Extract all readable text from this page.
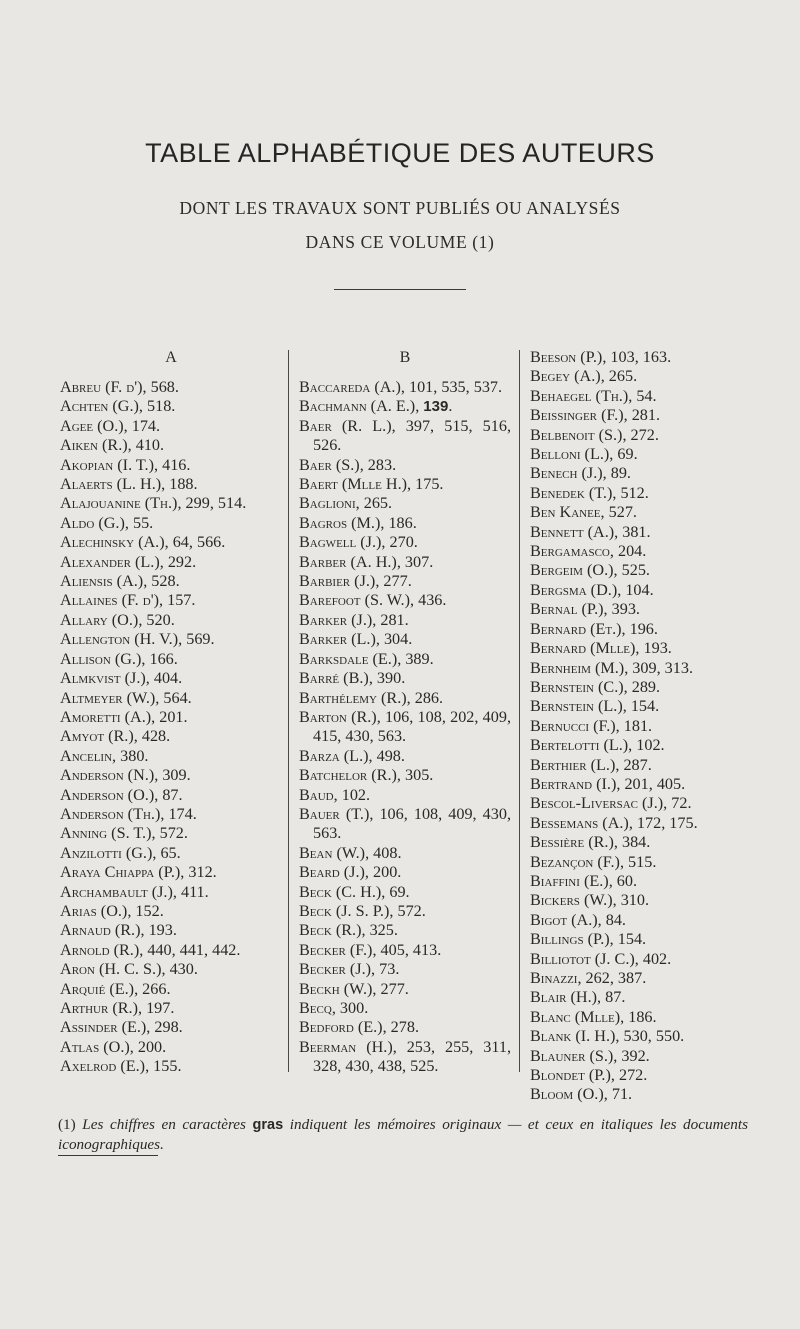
TABLE ALPHABÉTIQUE DES AUTEURS
DONT LES TRAVAUX SONT PUBLIÉS OU ANALYSÉS
DANS CE VOLUME (1)
A
Abreu (F. d'), 568.
Achten (G.), 518.
Agee (O.), 174.
Aiken (R.), 410.
Akopian (I. T.), 416.
Alaerts (L. H.), 188.
Alajouanine (Th.), 299, 514.
Aldo (G.), 55.
Alechinsky (A.), 64, 566.
Alexander (L.), 292.
Aliensis (A.), 528.
Allaines (F. d'), 157.
Allary (O.), 520.
Allengton (H. V.), 569.
Allison (G.), 166.
Almkvist (J.), 404.
Altmeyer (W.), 564.
Amoretti (A.), 201.
Amyot (R.), 428.
Ancelin, 380.
Anderson (N.), 309.
Anderson (O.), 87.
Anderson (Th.), 174.
Anning (S. T.), 572.
Anzilotti (G.), 65.
Araya Chiappa (P.), 312.
Archambault (J.), 411.
Arias (O.), 152.
Arnaud (R.), 193.
Arnold (R.), 440, 441, 442.
Aron (H. C. S.), 430.
Arquié (E.), 266.
Arthur (R.), 197.
Assinder (E.), 298.
Atlas (O.), 200.
Axelrod (E.), 155.
B
Baccareda (A.), 101, 535, 537.
Bachmann (A. E.), 139.
Baer (R. L.), 397, 515, 516, 526.
Baer (S.), 283.
Baert (Mlle H.), 175.
Baglioni, 265.
Bagros (M.), 186.
Bagwell (J.), 270.
Barber (A. H.), 307.
Barbier (J.), 277.
Barefoot (S. W.), 436.
Barker (J.), 281.
Barker (L.), 304.
Barksdale (E.), 389.
Barré (B.), 390.
Barthélemy (R.), 286.
Barton (R.), 106, 108, 202, 409, 415, 430, 563.
Barza (L.), 498.
Batchelor (R.), 305.
Baud, 102.
Bauer (T.), 106, 108, 409, 430, 563.
Bean (W.), 408.
Beard (J.), 200.
Beck (C. H.), 69.
Beck (J. S. P.), 572.
Beck (R.), 325.
Becker (F.), 405, 413.
Becker (J.), 73.
Beckh (W.), 277.
Becq, 300.
Bedford (E.), 278.
Beerman (H.), 253, 255, 311, 328, 430, 438, 525.
Beeson (P.), 103, 163.
Begey (A.), 265.
Behaegel (Th.), 54.
Beissinger (F.), 281.
Belbenoit (S.), 272.
Belloni (L.), 69.
Benech (J.), 89.
Benedek (T.), 512.
Ben Kanee, 527.
Bennett (A.), 381.
Bergamasco, 204.
Bergeim (O.), 525.
Bergsma (D.), 104.
Bernal (P.), 393.
Bernard (Et.), 196.
Bernard (Mlle), 193.
Bernheim (M.), 309, 313.
Bernstein (C.), 289.
Bernstein (L.), 154.
Bernucci (F.), 181.
Bertelotti (L.), 102.
Berthier (L.), 287.
Bertrand (I.), 201, 405.
Bescol-Liversac (J.), 72.
Bessemans (A.), 172, 175.
Bessière (R.), 384.
Bezançon (F.), 515.
Biaffini (E.), 60.
Bickers (W.), 310.
Bigot (A.), 84.
Billings (P.), 154.
Billiotot (J. C.), 402.
Binazzi, 262, 387.
Blair (H.), 87.
Blanc (Mlle), 186.
Blank (I. H.), 530, 550.
Blauner (S.), 392.
Blondet (P.), 272.
Bloom (O.), 71.
(1) Les chiffres en caractères gras indiquent les mémoires originaux — et ceux en italiques les documents iconographiques.
